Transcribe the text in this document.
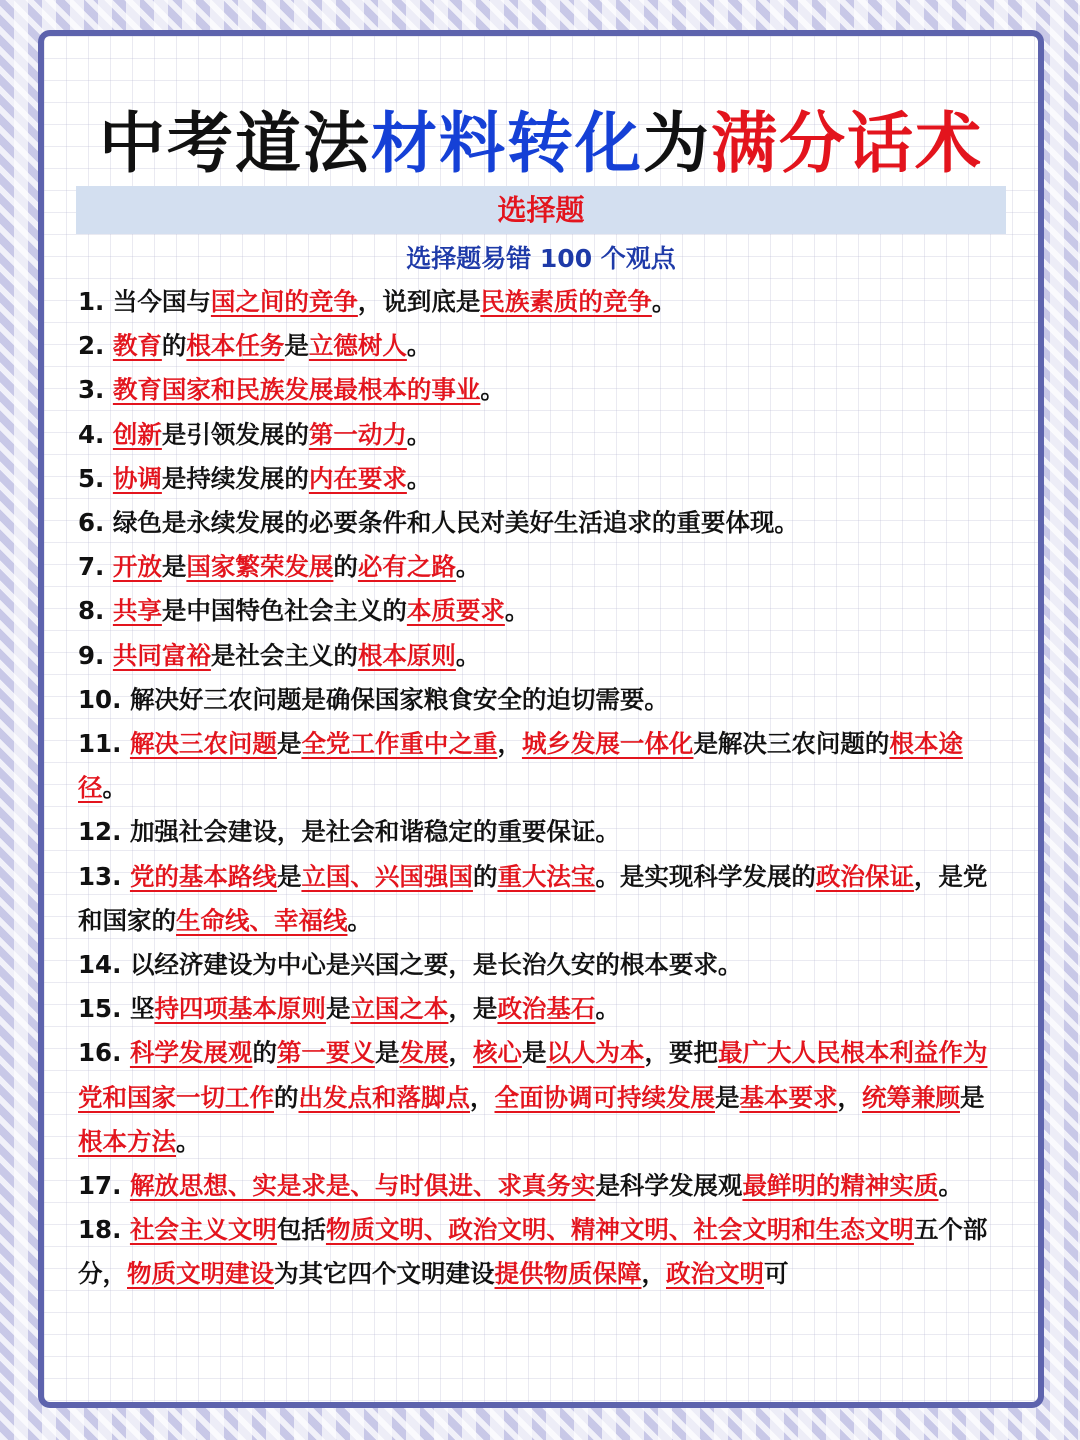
中考道法材料转化为满分话术
选择题
选择题易错 100 个观点
1. 当今国与国之间的竞争，说到底是民族素质的竞争。
2. 教育的根本任务是立德树人。
3. 教育国家和民族发展最根本的事业。
4. 创新是引领发展的第一动力。
5. 协调是持续发展的内在要求。
6. 绿色是永续发展的必要条件和人民对美好生活追求的重要体现。
7. 开放是国家繁荣发展的必有之路。
8. 共享是中国特色社会主义的本质要求。
9. 共同富裕是社会主义的根本原则。
10. 解决好三农问题是确保国家粮食安全的迫切需要。
11. 解决三农问题是全党工作重中之重，城乡发展一体化是解决三农问题的根本途径。
12. 加强社会建设，是社会和谐稳定的重要保证。
13. 党的基本路线是立国、兴国强国的重大法宝。是实现科学发展的政治保证，是党和国家的生命线、幸福线。
14. 以经济建设为中心是兴国之要，是长治久安的根本要求。
15. 坚持四项基本原则是立国之本，是政治基石。
16. 科学发展观的第一要义是发展，核心是以人为本，要把最广大人民根本利益作为党和国家一切工作的出发点和落脚点，全面协调可持续发展是基本要求，统筹兼顾是根本方法。
17. 解放思想、实是求是、与时俱进、求真务实是科学发展观最鲜明的精神实质。
18. 社会主义文明包括物质文明、政治文明、精神文明、社会文明和生态文明五个部分，物质文明建设为其它四个文明建设提供物质保障，政治文明可
